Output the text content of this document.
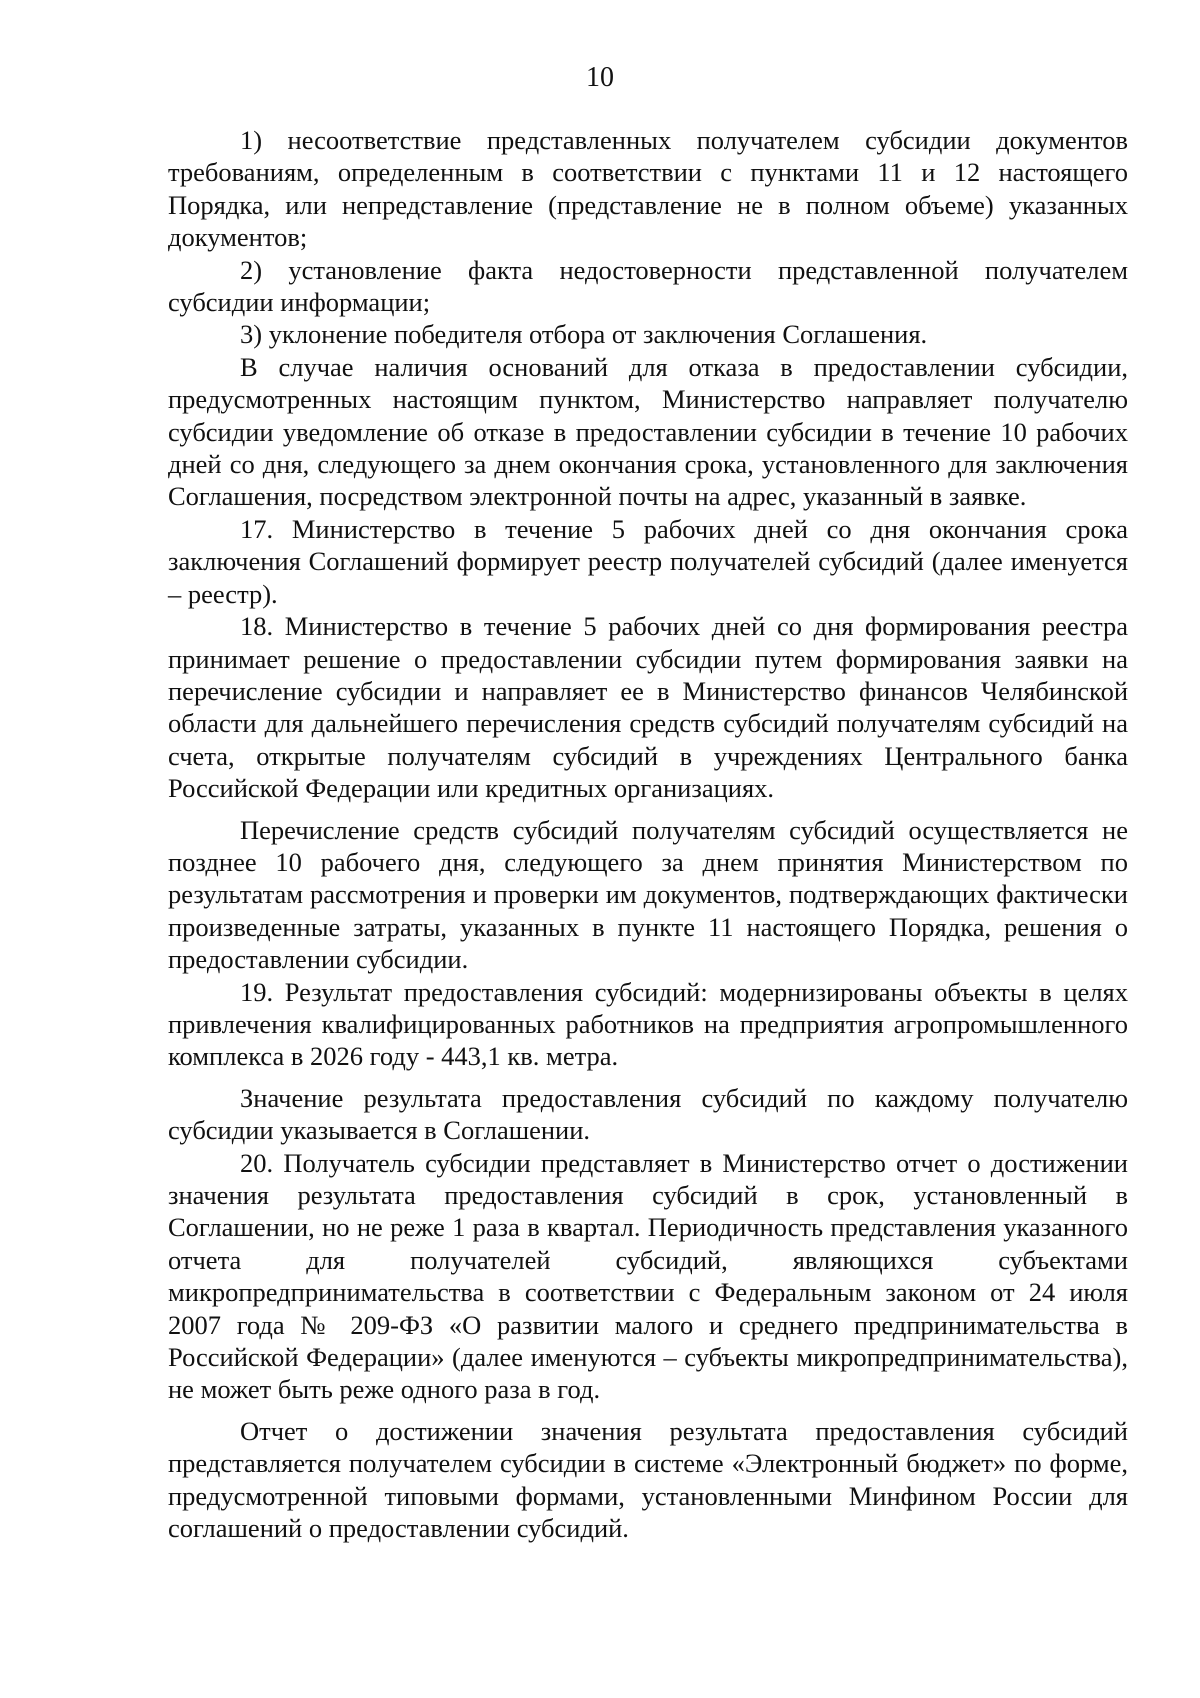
10

1) несоответствие представленных получателем субсидии документов требованиям, определенным в соответствии с пунктами 11 и 12 настоящего Порядка, или непредставление (представление не в полном объеме) указанных документов;

2) установление факта недостоверности представленной получателем субсидии информации;

3) уклонение победителя отбора от заключения Соглашения.

В случае наличия оснований для отказа в предоставлении субсидии, предусмотренных настоящим пунктом, Министерство направляет получателю субсидии уведомление об отказе в предоставлении субсидии в течение 10 рабочих дней со дня, следующего за днем окончания срока, установленного для заключения Соглашения, посредством электронной почты на адрес, указанный в заявке.

17. Министерство в течение 5 рабочих дней со дня окончания срока заключения Соглашений формирует реестр получателей субсидий (далее именуется – реестр).

18. Министерство в течение 5 рабочих дней со дня формирования реестра принимает решение о предоставлении субсидии путем формирования заявки на перечисление субсидии и направляет ее в Министерство финансов Челябинской области для дальнейшего перечисления средств субсидий получателям субсидий на счета, открытые получателям субсидий в учреждениях Центрального банка Российской Федерации или кредитных организациях.

Перечисление средств субсидий получателям субсидий осуществляется не позднее 10 рабочего дня, следующего за днем принятия Министерством по результатам рассмотрения и проверки им документов, подтверждающих фактически произведенные затраты, указанных в пункте 11 настоящего Порядка, решения о предоставлении субсидии.

19. Результат предоставления субсидий: модернизированы объекты в целях привлечения квалифицированных работников на предприятия агропромышленного комплекса в 2026 году - 443,1 кв. метра.

Значение результата предоставления субсидий по каждому получателю субсидии указывается в Соглашении.

20. Получатель субсидии представляет в Министерство отчет о достижении значения результата предоставления субсидий в срок, установленный в Соглашении, но не реже 1 раза в квартал. Периодичность представления указанного отчета для получателей субсидий, являющихся субъектами микропредпринимательства в соответствии с Федеральным законом от 24 июля 2007 года № 209-ФЗ «О развитии малого и среднего предпринимательства в Российской Федерации» (далее именуются – субъекты микропредпринимательства), не может быть реже одного раза в год.

Отчет о достижении значения результата предоставления субсидий представляется получателем субсидии в системе «Электронный бюджет» по форме, предусмотренной типовыми формами, установленными Минфином России для соглашений о предоставлении субсидий.
